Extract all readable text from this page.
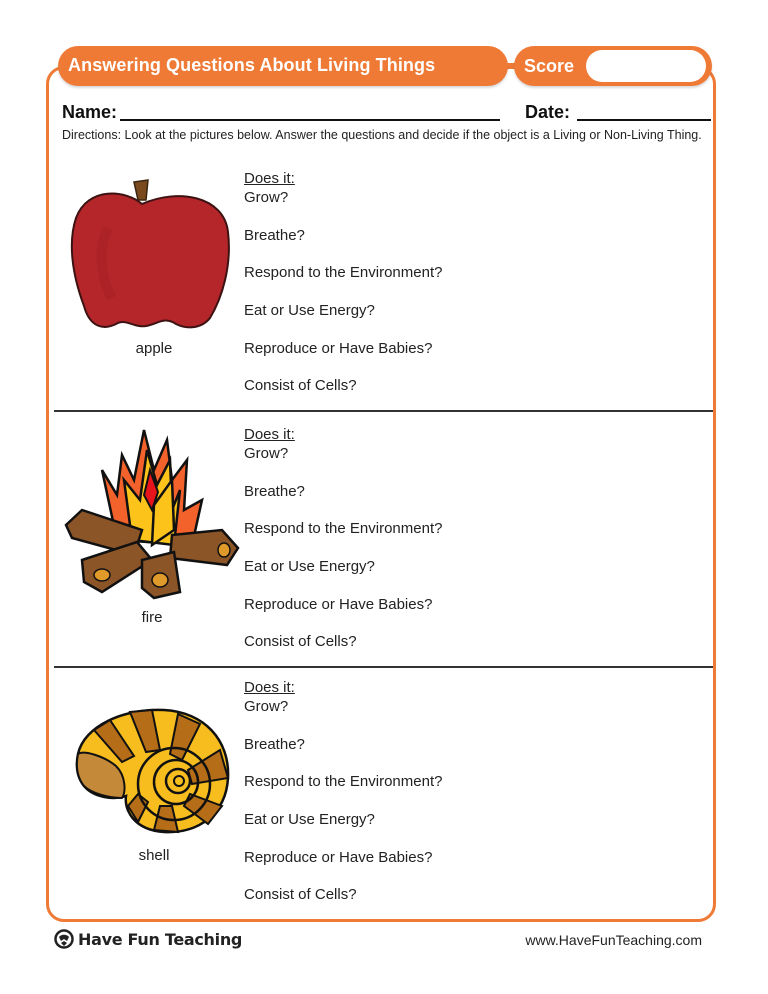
Answering Questions About Living Things	Score
Name:	Date:
Directions: Look at the pictures below. Answer the questions and decide if the object is a Living or Non-Living Thing.
apple
Does it:
Grow?
Breathe?
Respond to the Environment?
Eat or Use Energy?
Reproduce or Have Babies?
Consist of Cells?
fire
Does it:
Grow?
Breathe?
Respond to the Environment?
Eat or Use Energy?
Reproduce or Have Babies?
Consist of Cells?
shell
Does it:
Grow?
Breathe?
Respond to the Environment?
Eat or Use Energy?
Reproduce or Have Babies?
Consist of Cells?
Have Fun Teaching	www.HaveFunTeaching.com
